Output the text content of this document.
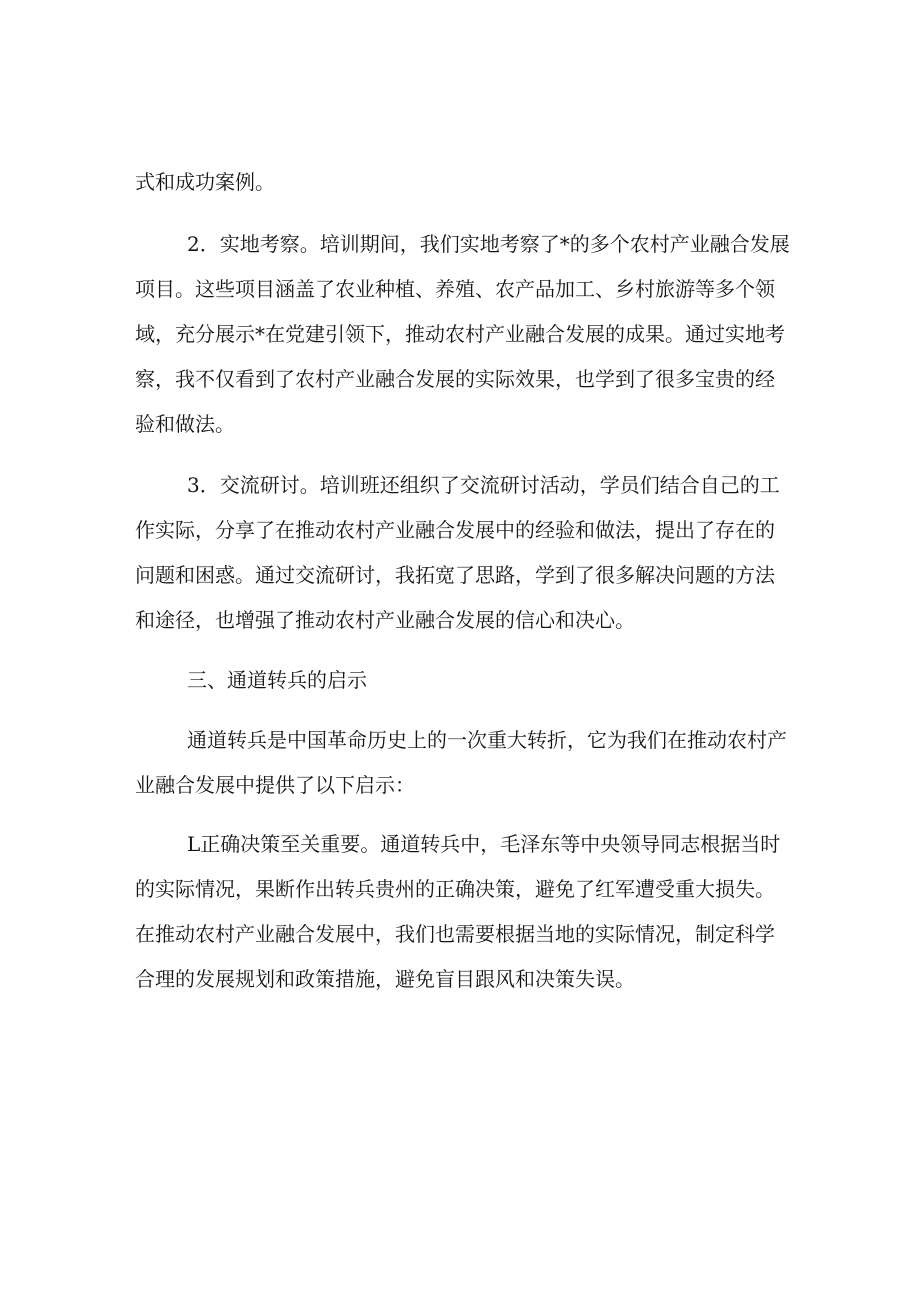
式和成功案例。
2．实地考察。培训期间，我们实地考察了*的多个农村产业融合发展
项目。这些项目涵盖了农业种植、养殖、农产品加工、乡村旅游等多个领
域，充分展示*在党建引领下，推动农村产业融合发展的成果。通过实地考
察，我不仅看到了农村产业融合发展的实际效果，也学到了很多宝贵的经
验和做法。
3．交流研讨。培训班还组织了交流研讨活动，学员们结合自己的工
作实际，分享了在推动农村产业融合发展中的经验和做法，提出了存在的
问题和困惑。通过交流研讨，我拓宽了思路，学到了很多解决问题的方法
和途径，也增强了推动农村产业融合发展的信心和决心。
三、通道转兵的启示
通道转兵是中国革命历史上的一次重大转折，它为我们在推动农村产
业融合发展中提供了以下启示：
L正确决策至关重要。通道转兵中，毛泽东等中央领导同志根据当时
的实际情况，果断作出转兵贵州的正确决策，避免了红军遭受重大损失。
在推动农村产业融合发展中，我们也需要根据当地的实际情况，制定科学
合理的发展规划和政策措施，避免盲目跟风和决策失误。
